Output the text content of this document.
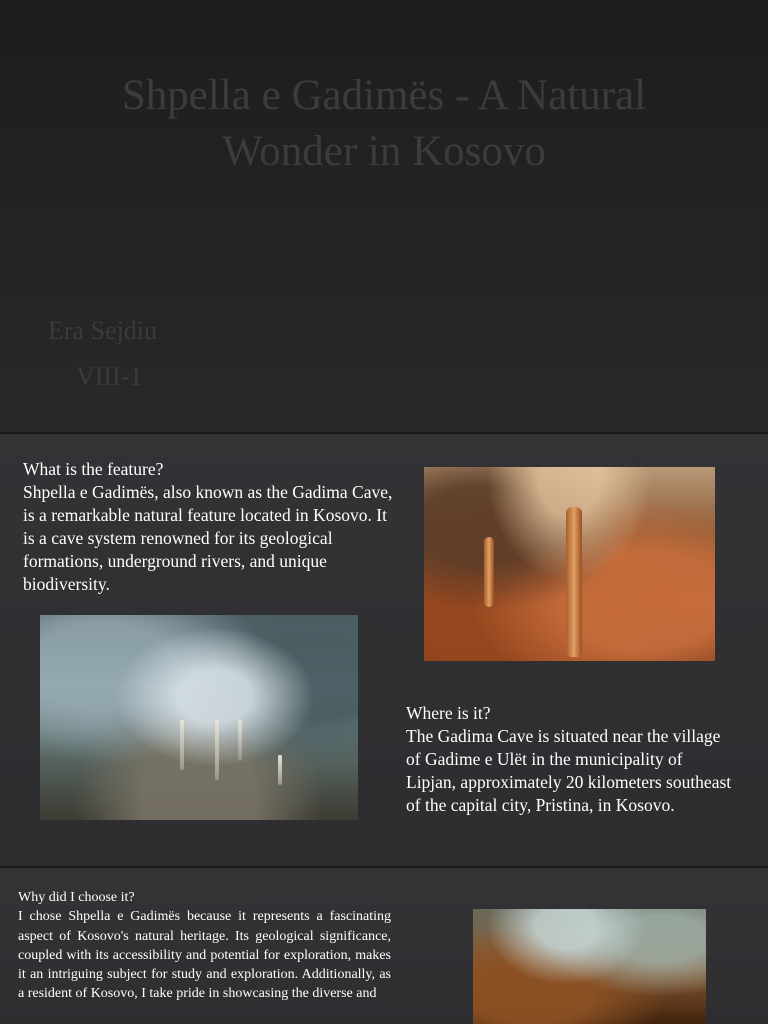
Shpella e Gadimës - A Natural Wonder in Kosovo
Era Sejdiu
VIII-1

What is the feature?
Shpella e Gadimës, also known as the Gadima Cave, is a remarkable natural feature located in Kosovo. It is a cave system renowned for its geological formations, underground rivers, and unique biodiversity.

Where is it?
The Gadima Cave is situated near the village of Gadime e Ulët in the municipality of Lipjan, approximately 20 kilometers southeast of the capital city, Pristina, in Kosovo.

Why did I choose it?
I chose Shpella e Gadimës because it represents a fascinating aspect of Kosovo's natural heritage. Its geological significance, coupled with its accessibility and potential for exploration, makes it an intriguing subject for study and exploration. Additionally, as a resident of Kosovo, I take pride in showcasing the diverse and
